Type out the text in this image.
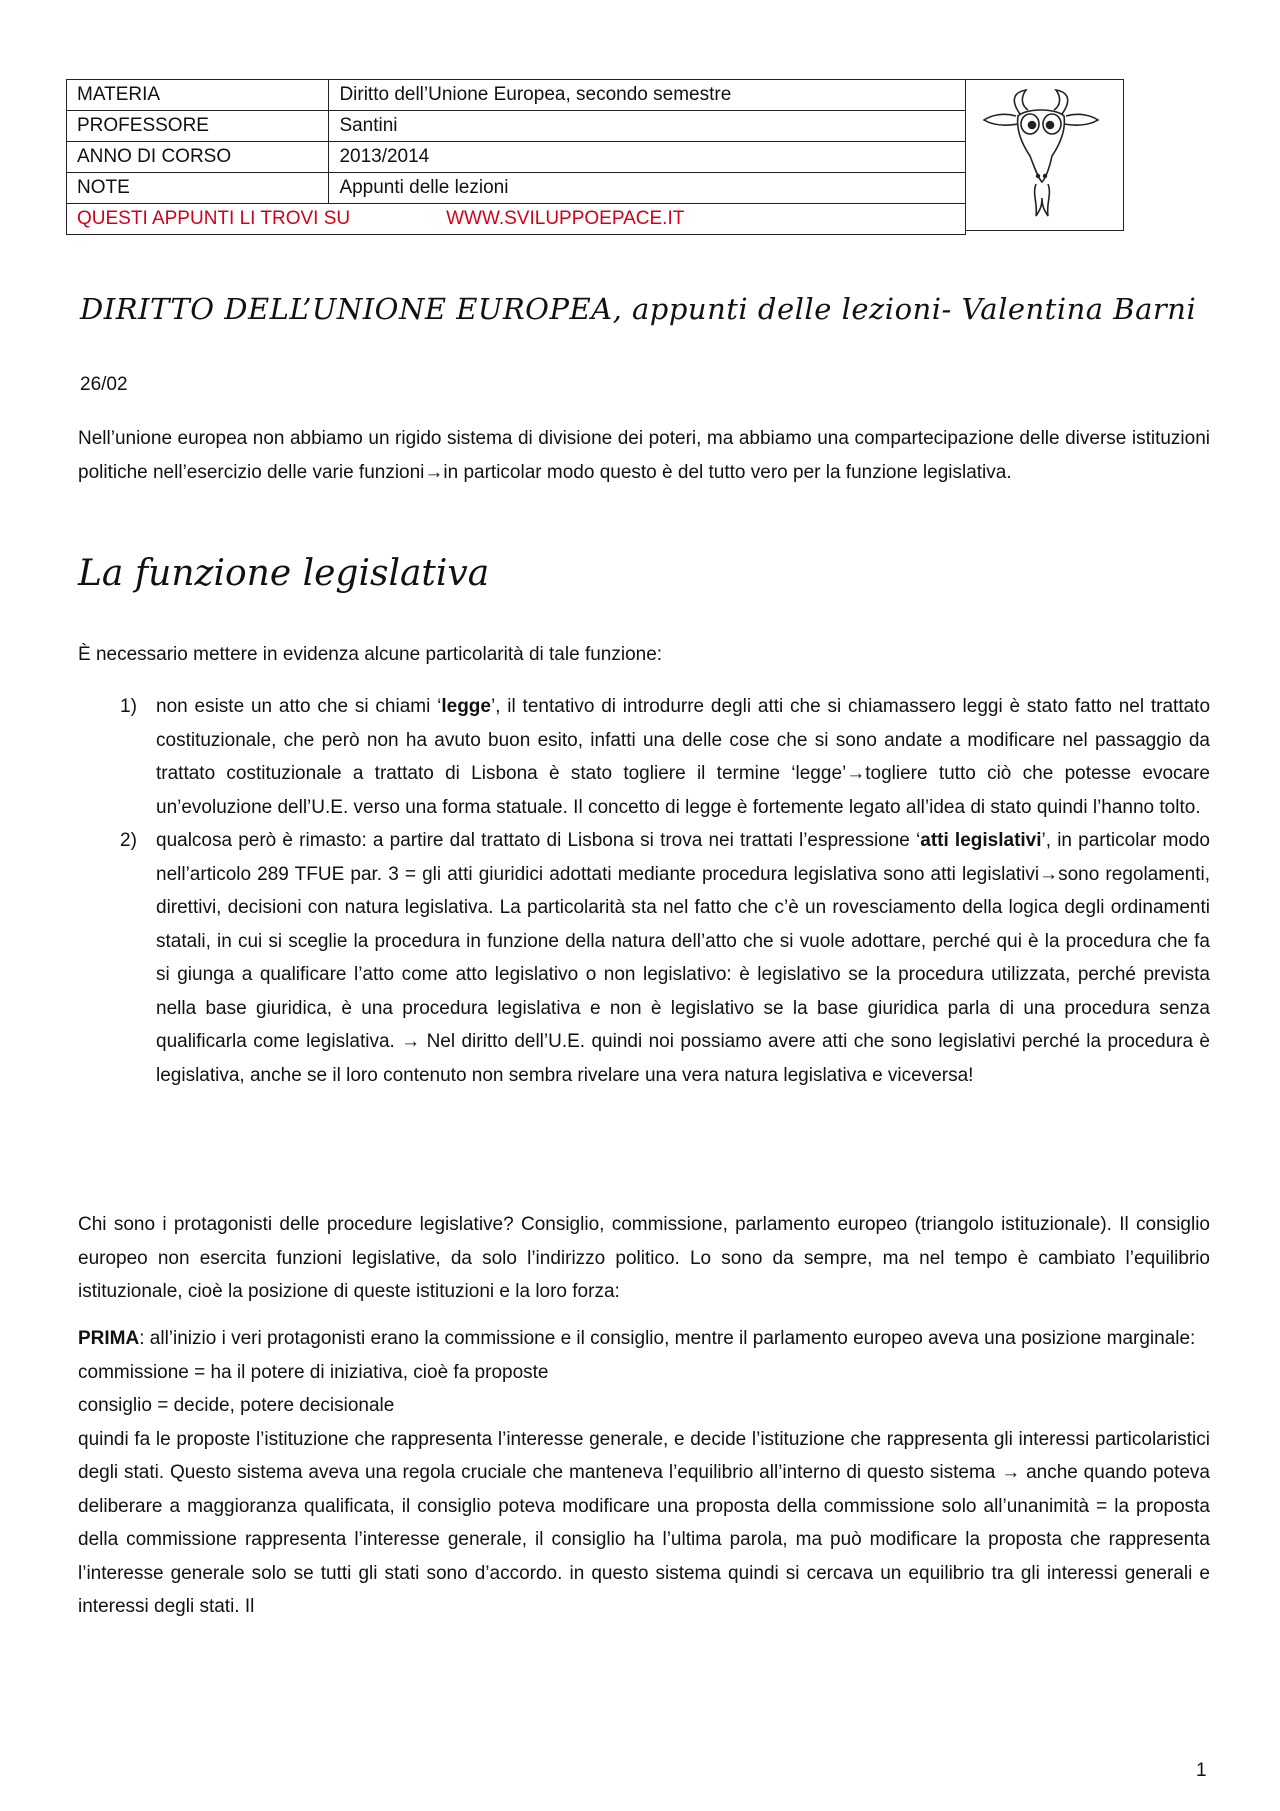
MATERIA	Diritto dell’Unione Europea, secondo semestre
PROFESSORE	Santini
ANNO DI CORSO	2013/2014
NOTE	Appunti delle lezioni
QUESTI APPUNTI LI TROVI SU WWW.SVILUPPOEPACE.IT	
DIRITTO DELL’UNIONE EUROPEA, appunti delle lezioni- Valentina Barni

26/02

Nell’unione europea non abbiamo un rigido sistema di divisione dei poteri, ma abbiamo una compartecipazione delle diverse istituzioni politiche nell’esercizio delle varie funzioni→in particolar modo questo è del tutto vero per la funzione legislativa.

La funzione legislativa

È necessario mettere in evidenza alcune particolarità di tale funzione:

1) non esiste un atto che si chiami ‘legge’, il tentativo di introdurre degli atti che si chiamassero leggi è stato fatto nel trattato costituzionale, che però non ha avuto buon esito, infatti una delle cose che si sono andate a modificare nel passaggio da trattato costituzionale a trattato di Lisbona è stato togliere il termine ‘legge’→togliere tutto ciò che potesse evocare un’evoluzione dell’U.E. verso una forma statuale. Il concetto di legge è fortemente legato all’idea di stato quindi l’hanno tolto.
2) qualcosa però è rimasto: a partire dal trattato di Lisbona si trova nei trattati l’espressione ‘atti legislativi’, in particolar modo nell’articolo 289 TFUE par. 3 = gli atti giuridici adottati mediante procedura legislativa sono atti legislativi→sono regolamenti, direttivi, decisioni con natura legislativa. La particolarità sta nel fatto che c’è un rovesciamento della logica degli ordinamenti statali, in cui si sceglie la procedura in funzione della natura dell’atto che si vuole adottare, perché qui è la procedura che fa si giunga a qualificare l’atto come atto legislativo o non legislativo: è legislativo se la procedura utilizzata, perché prevista nella base giuridica, è una procedura legislativa e non è legislativo se la base giuridica parla di una procedura senza qualificarla come legislativa. → Nel diritto dell’U.E. quindi noi possiamo avere atti che sono legislativi perché la procedura è legislativa, anche se il loro contenuto non sembra rivelare una vera natura legislativa e viceversa!

Chi sono i protagonisti delle procedure legislative? Consiglio, commissione, parlamento europeo (triangolo istituzionale). Il consiglio europeo non esercita funzioni legislative, da solo l’indirizzo politico. Lo sono da sempre, ma nel tempo è cambiato l’equilibrio istituzionale, cioè la posizione di queste istituzioni e la loro forza:

PRIMA: all’inizio i veri protagonisti erano la commissione e il consiglio, mentre il parlamento europeo aveva una posizione marginale:
commissione = ha il potere di iniziativa, cioè fa proposte
consiglio = decide, potere decisionale
quindi fa le proposte l’istituzione che rappresenta l’interesse generale, e decide l’istituzione che rappresenta gli interessi particolaristici degli stati. Questo sistema aveva una regola cruciale che manteneva l’equilibrio all’interno di questo sistema → anche quando poteva deliberare a maggioranza qualificata, il consiglio poteva modificare una proposta della commissione solo all’unanimità = la proposta della commissione rappresenta l’interesse generale, il consiglio ha l’ultima parola, ma può modificare la proposta che rappresenta l’interesse generale solo se tutti gli stati sono d’accordo. in questo sistema quindi si cercava un equilibrio tra gli interessi generali e interessi degli stati. Il

1
